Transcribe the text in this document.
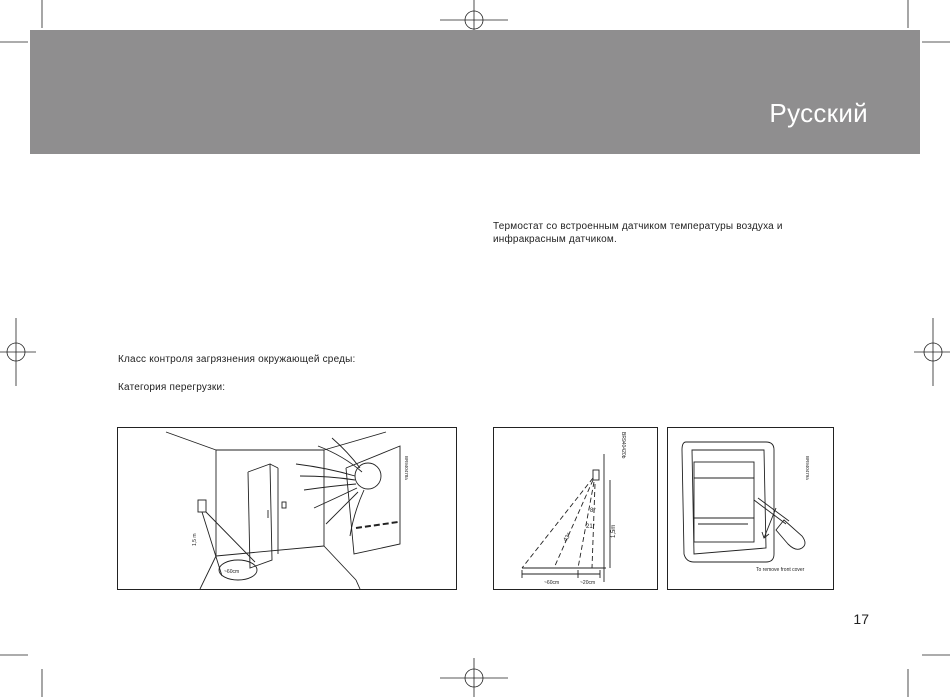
Русский
Термостат со встроенным датчиком температуры воздуха и
инфракрасным датчиком.
Класс контроля загрязнения окружающей среды:
Категория перегрузки:
BR940478a
1,5 m
~60cm
BR940420b
8°
21°
43°	1,5m
~60cm	~20cm
BR940479a
To remove front cover
17
